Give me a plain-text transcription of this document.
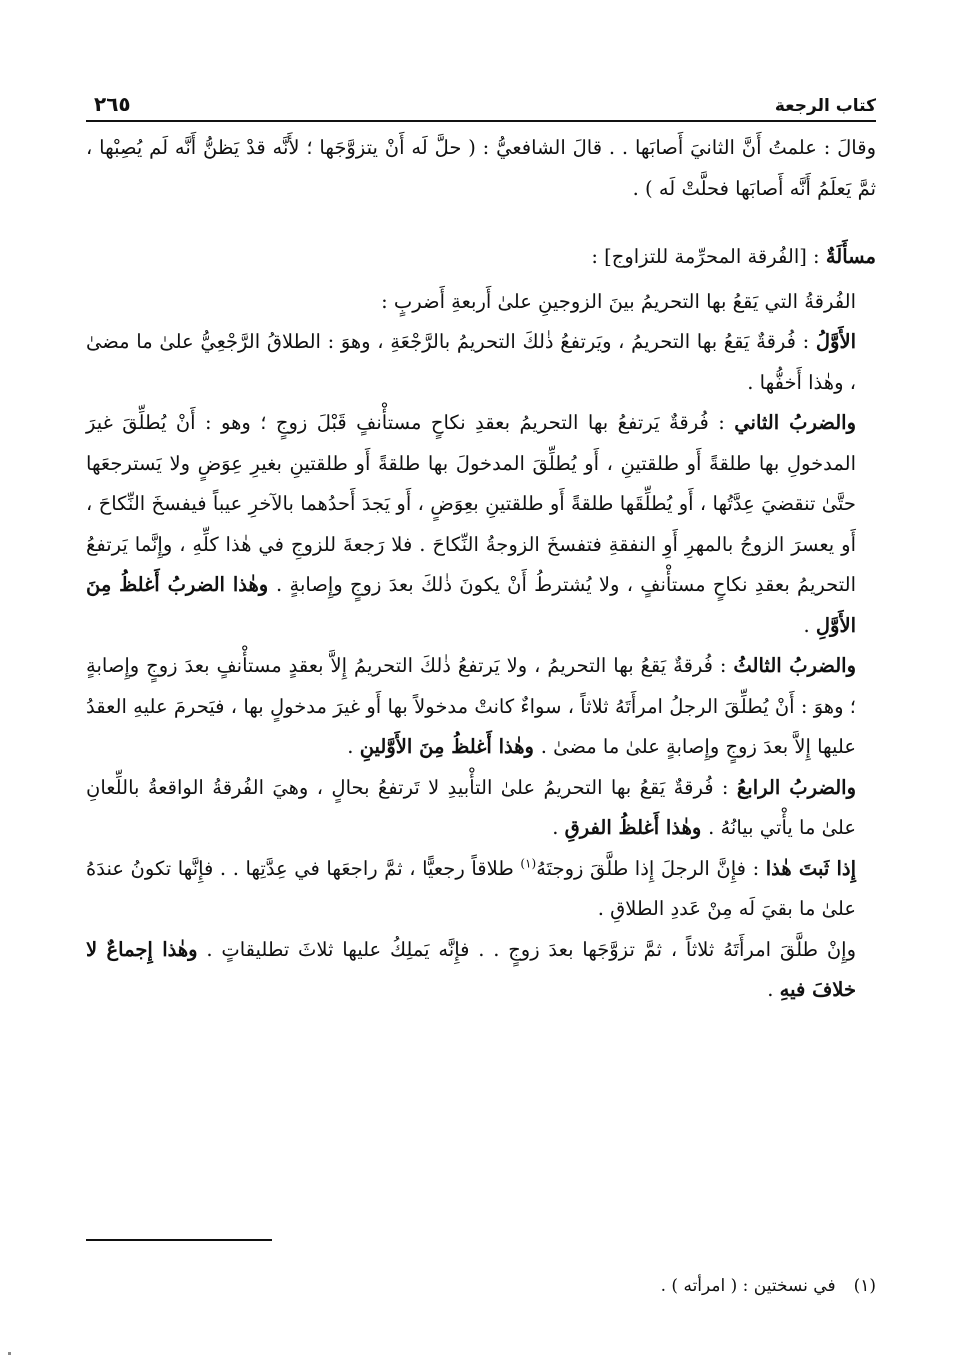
كتاب الرجعة
٢٦٥

وقالَ : علمتُ أَنَّ الثانيَ أَصابَها . . قالَ الشافعيُّ : ( حلَّ لَه أَنْ يتزوَّجَها ؛ لأَنَّه قدْ يَظنُّ أَنَّه لَم يُصِبْها ، ثمَّ يَعلَمُ أَنَّه أَصابَها فحلَّتْ لَه ) .

مسأَلَةٌ : [الفُرقة المحرِّمة للتزاوج] :

الفُرقةُ التي يَقعُ بها التحريمُ بينَ الزوجينِ علىٰ أَربعةِ أَضربٍ :

الأَوَّلُ : فُرقةٌ يَقعُ بها التحريمُ ، ويَرتفعُ ذٰلكَ التحريمُ بالرَّجْعَةِ ، وهوَ : الطلاقُ الرَّجْعِيُّ علىٰ ما مضىٰ ، وهٰذا أَخفُّها .

والضربُ الثاني : فُرقةٌ يَرتفعُ بها التحريمُ بعقدِ نكاحٍ مستأْنفٍ قَبْلَ زوجٍ ؛ وهو : أَنْ يُطلِّقَ غيرَ المدخولِ بها طلقةً أَو طلقتينِ ، أَو يُطلِّقَ المدخولَ بها طلقةً أَو طلقتينِ بغيرِ عِوَضٍ ولا يَسترجعَها حتَّىٰ تنقضيَ عِدَّتُها ، أَو يُطلِّقَها طلقةً أَو طلقتينِ بعِوَضٍ ، أَو يَجدَ أَحدُهما بالآخرِ عيباً فيفسخَ النِّكاحَ ، أَو يعسرَ الزوجُ بالمهرِ أَوِ النفقةِ فتفسخَ الزوجةُ النِّكاحَ . فلا رَجعةَ للزوجِ في هٰذا كلِّهِ ، وإِنَّما يَرتفعُ التحريمُ بعقدِ نكاحٍ مستأْنفٍ ، ولا يُشترطُ أَنْ يكونَ ذٰلكَ بعدَ زوجٍ وإِصابةٍ . وهٰذا الضربُ أَغلظُ مِنَ الأَوَّلِ .

والضربُ الثالثُ : فُرقةٌ يَقعُ بها التحريمُ ، ولا يَرتفعُ ذٰلكَ التحريمُ إِلاَّ بعقدٍ مستأْنفٍ بعدَ زوجٍ وإِصابةٍ ؛ وهوَ : أَنْ يُطلِّقَ الرجلُ امرأَتَهُ ثلاثاً ، سواءٌ كانتْ مدخولاً بها أَو غيرَ مدخولٍ بها ، فيَحرمَ عليهِ العقدُ عليها إِلاَّ بعدَ زوجٍ وإِصابةٍ علىٰ ما مضىٰ . وهٰذا أَغلظُ مِنَ الأَوَّلينِ .

والضربُ الرابعُ : فُرقةٌ يَقعُ بها التحريمُ علىٰ التأْبيدِ لا تَرتفعُ بحالٍ ، وهيَ الفُرقةُ الواقعةُ باللِّعانِ علىٰ ما يأْتي بيانُهُ . وهٰذا أَغلظُ الفرقِ .

إِذا ثَبتَ هٰذا : فإِنَّ الرجلَ إِذا طلَّقَ زوجتَهُ$^{(١)}$ طلاقاً رجعيًّا ، ثمَّ راجعَها في عِدَّتِها . . فإِنَّها تكونُ عندَهُ علىٰ ما بقيَ لَه مِنْ عَددِ الطلاقِ .

وإِنْ طلَّقَ امرأَتَهُ ثلاثاً ، ثمَّ تزوَّجَها بعدَ زوجٍ . . فإِنَّه يَملِكُ عليها ثلاثَ تطليقاتٍ . وهٰذا إِجماعٌ لا خلافَ فيهِ .

(١)في نسختين : ( امرأته ) .
